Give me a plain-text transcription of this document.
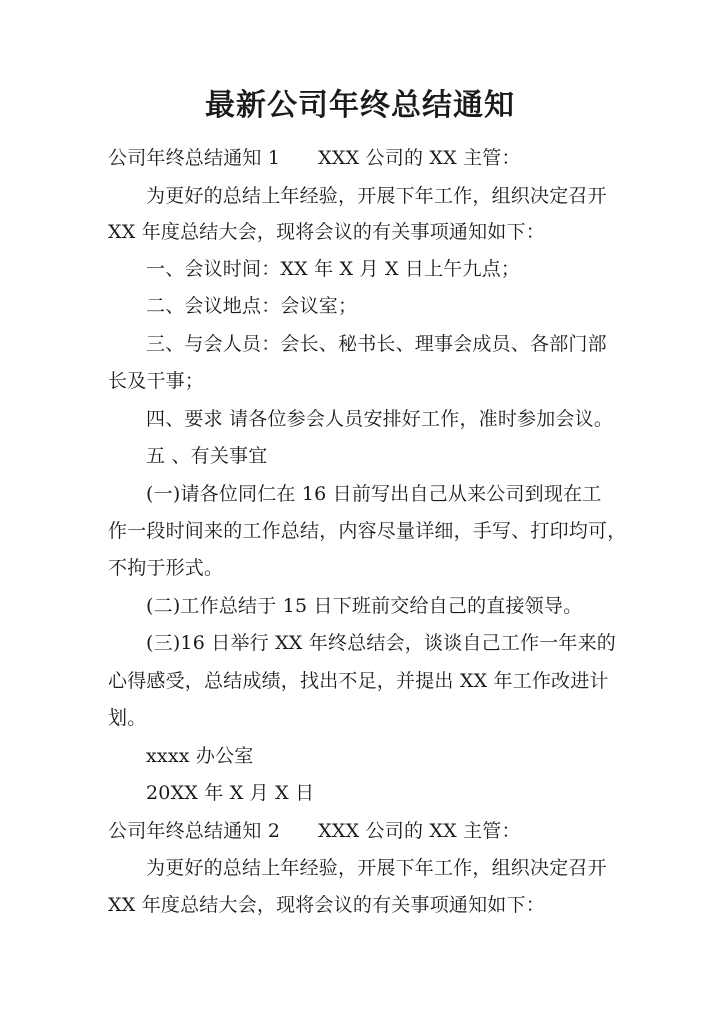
最新公司年终总结通知
公司年终总结通知 1 XXX 公司的 XX 主管：
为更好的总结上年经验，开展下年工作，组织决定召开
XX 年度总结大会，现将会议的有关事项通知如下：
一、会议时间：XX 年 X 月 X 日上午九点；
二、会议地点：会议室；
三、与会人员：会长、秘书长、理事会成员、各部门部
长及干事；
四、要求 请各位参会人员安排好工作，准时参加会议。
五 、有关事宜
(一)请各位同仁在 16 日前写出自己从来公司到现在工
作一段时间来的工作总结，内容尽量详细，手写、打印均可，
不拘于形式。
(二)工作总结于 15 日下班前交给自己的直接领导。
(三)16 日举行 XX 年终总结会，谈谈自己工作一年来的
心得感受，总结成绩，找出不足，并提出 XX 年工作改进计
划。
xxxx 办公室
20XX 年 X 月 X 日
公司年终总结通知 2 XXX 公司的 XX 主管：
为更好的总结上年经验，开展下年工作，组织决定召开
XX 年度总结大会，现将会议的有关事项通知如下：
